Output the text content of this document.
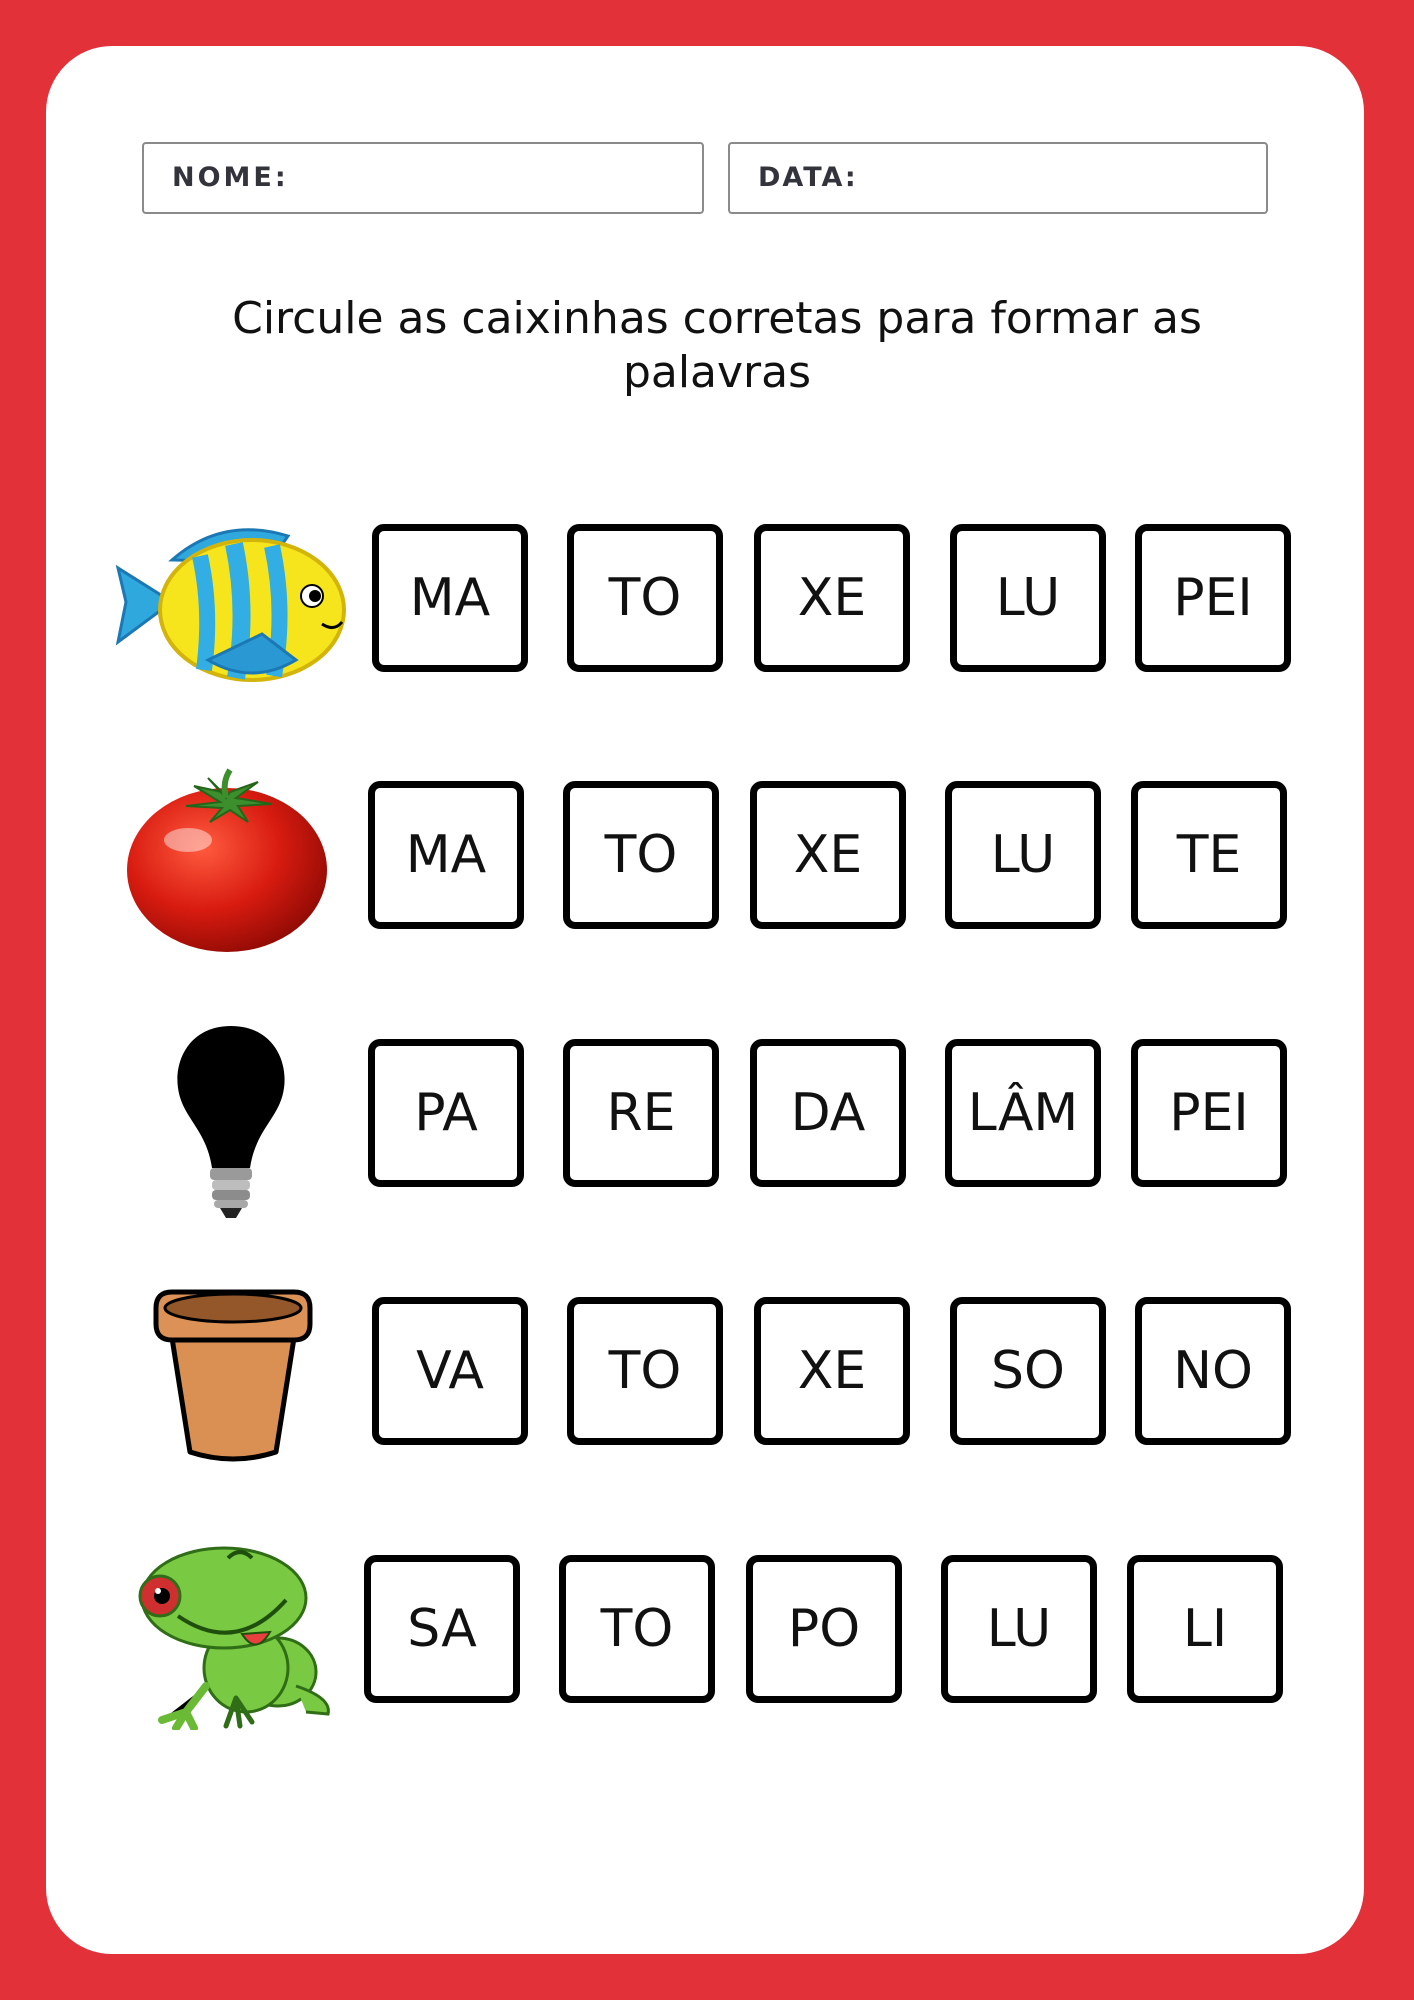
NOME:	DATA:
Circule as caixinhas corretas para formar as palavras
MA	TO	XE	LU	PEI
MA	TO	XE	LU	TE
PA	RE	DA	LÂM	PEI
VA	TO	XE	SO	NO
SA	TO	PO	LU	LI
